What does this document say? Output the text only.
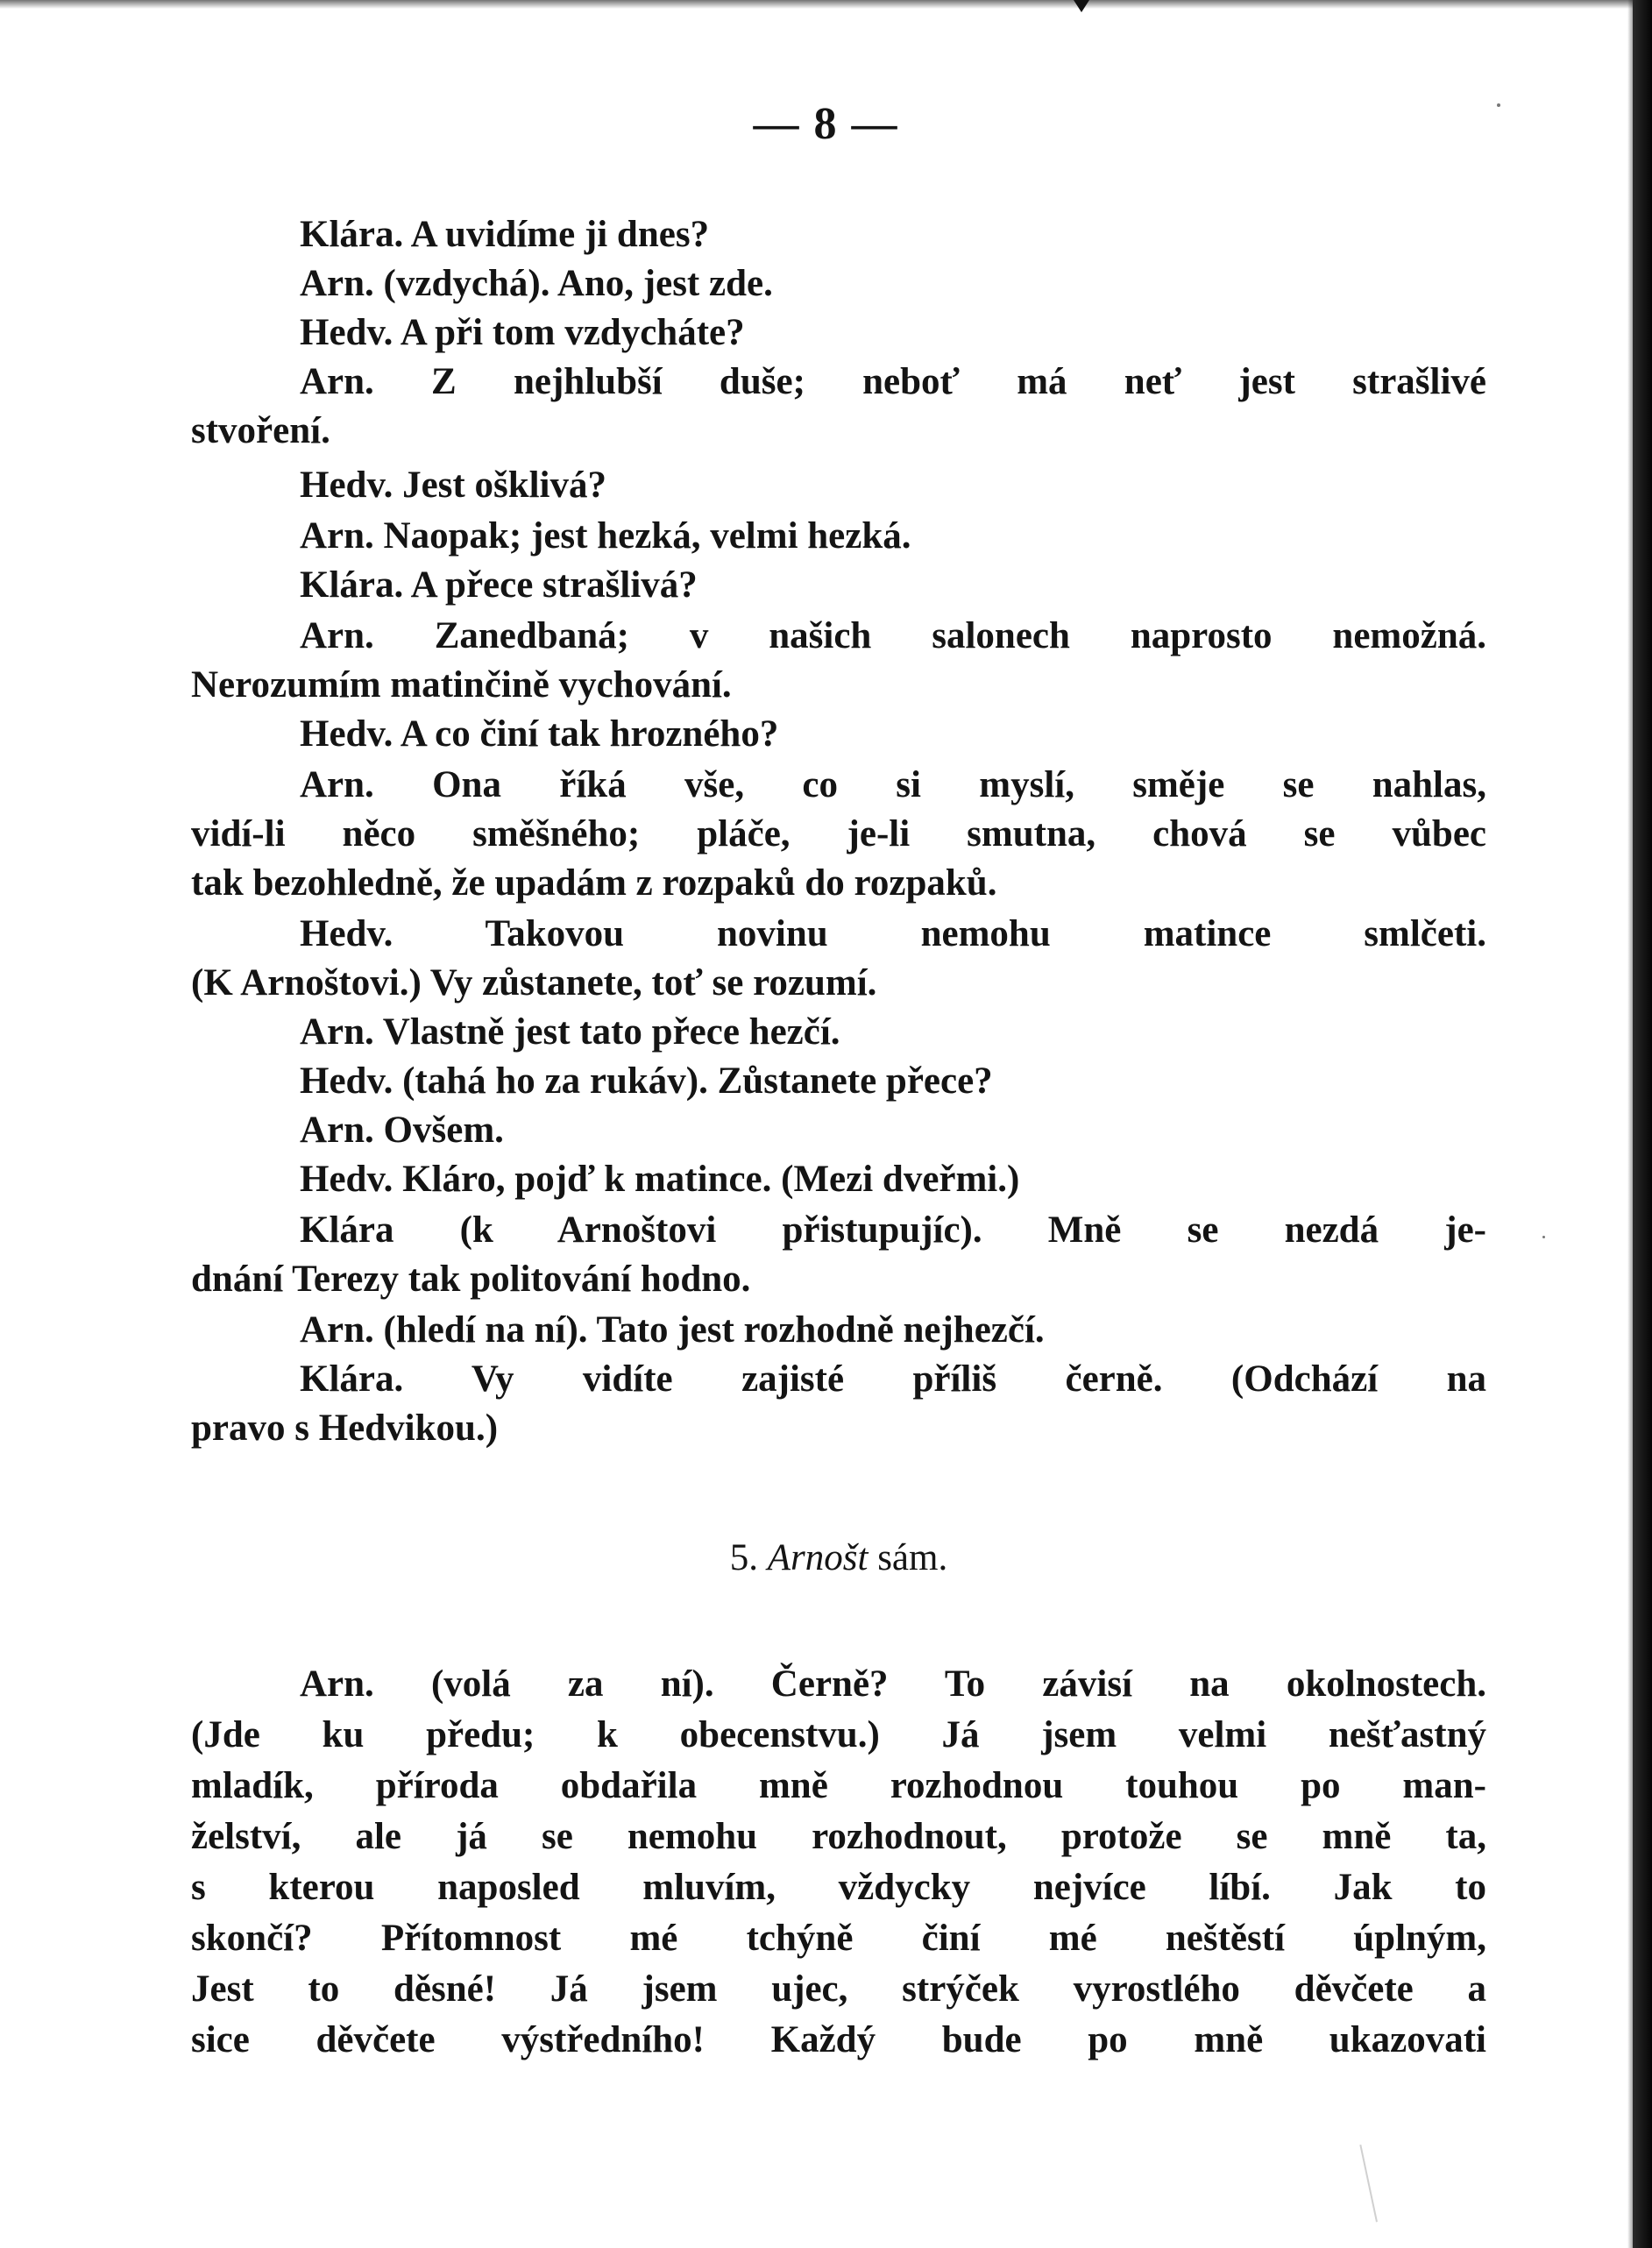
— 8 —
Klára. A uvidíme ji dnes?
Arn. (vzdychá). Ano, jest zde.
Hedv. A při tom vzdycháte?
Arn. Z nejhlubší duše; neboť má neť jest strašlivé
stvoření.
Hedv. Jest ošklivá?
Arn. Naopak; jest hezká, velmi hezká.
Klára. A přece strašlivá?
Arn. Zanedbaná; v našich salonech naprosto nemožná.
Nerozumím matinčině vychování.
Hedv. A co činí tak hrozného?
Arn. Ona říká vše, co si myslí, směje se nahlas,
vidí-li něco směšného; pláče, je-li smutna, chová se vůbec
tak bezohledně, že upadám z rozpaků do rozpaků.
Hedv. Takovou novinu nemohu matince smlčeti.
(K Arnoštovi.) Vy zůstanete, toť se rozumí.
Arn. Vlastně jest tato přece hezčí.
Hedv. (tahá ho za rukáv). Zůstanete přece?
Arn. Ovšem.
Hedv. Kláro, pojď k matince. (Mezi dveřmi.)
Klára (k Arnoštovi přistupujíc). Mně se nezdá je-
dnání Terezy tak politování hodno.
Arn. (hledí na ní). Tato jest rozhodně nejhezčí.
Klára. Vy vidíte zajisté příliš černě. (Odchází na
pravo s Hedvikou.)
5. Arnošt sám.
Arn. (volá za ní). Černě? To závisí na okolnostech.
(Jde ku předu; k obecenstvu.) Já jsem velmi nešťastný
mladík, příroda obdařila mně rozhodnou touhou po man-
želství, ale já se nemohu rozhodnout, protože se mně ta,
s kterou naposled mluvím, vždycky nejvíce líbí. Jak to
skončí? Přítomnost mé tchýně činí mé neštěstí úplným,
Jest to děsné! Já jsem ujec, strýček vyrostlého děvčete a
sice děvčete výstředního! Každý bude po mně ukazovati
